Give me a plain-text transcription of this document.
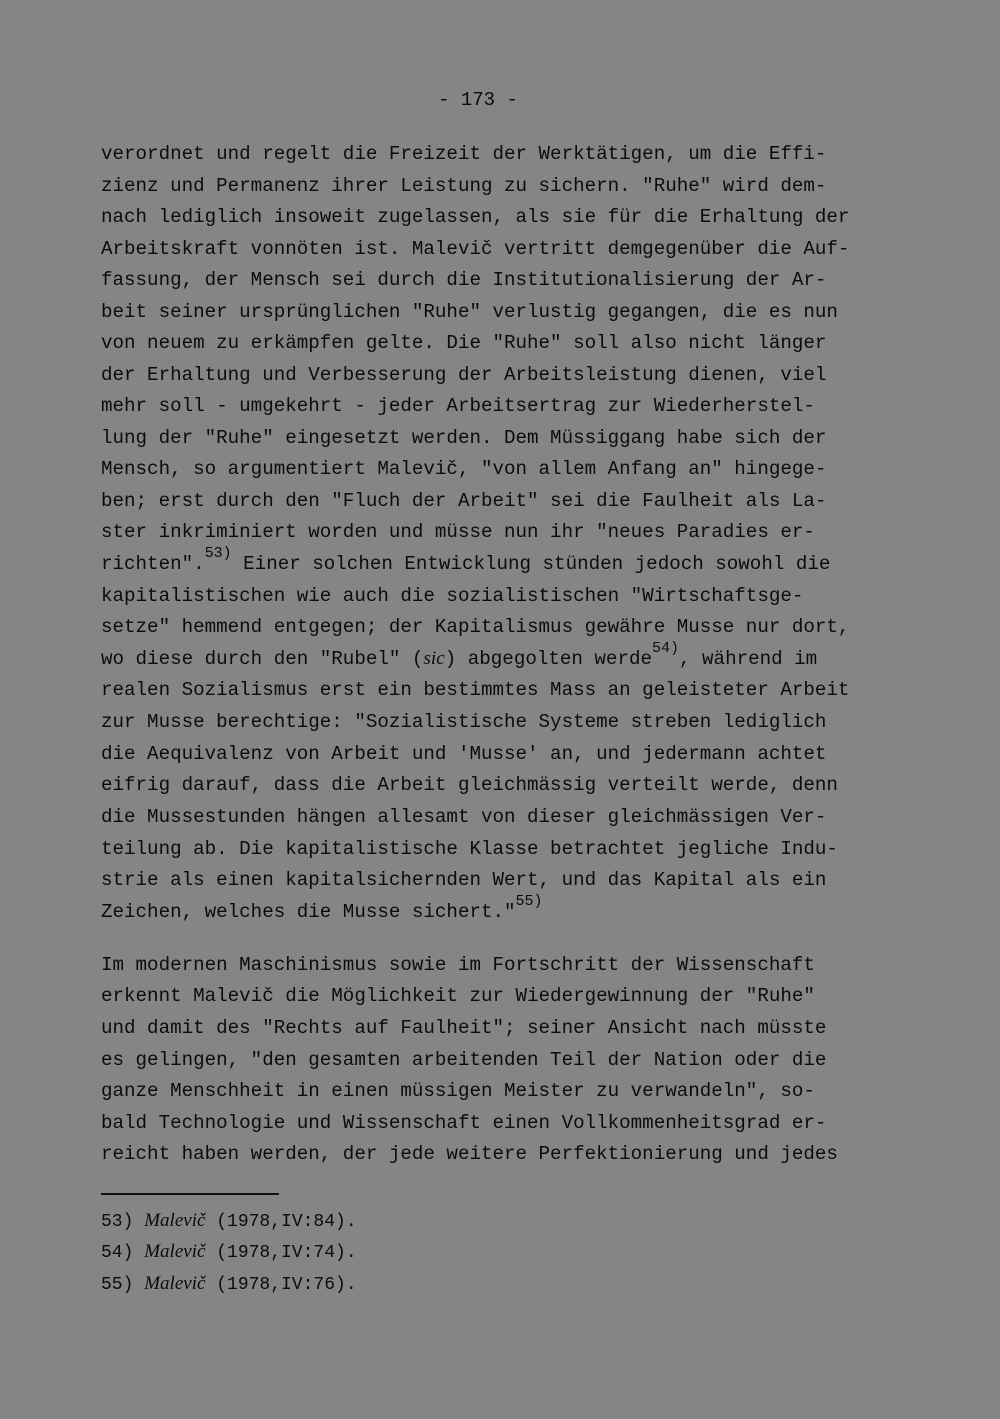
- 173 -
verordnet und regelt die Freizeit der Werktätigen, um die Effi-
zienz und Permanenz ihrer Leistung zu sichern. "Ruhe" wird dem-
nach lediglich insoweit zugelassen, als sie für die Erhaltung der
Arbeitskraft vonnöten ist. Malevič vertritt demgegenüber die Auf-
fassung, der Mensch sei durch die Institutionalisierung der Ar-
beit seiner ursprünglichen "Ruhe" verlustig gegangen, die es nun
von neuem zu erkämpfen gelte. Die "Ruhe" soll also nicht länger
der Erhaltung und Verbesserung der Arbeitsleistung dienen, viel
mehr soll - umgekehrt - jeder Arbeitsertrag zur Wiederherstel-
lung der "Ruhe" eingesetzt werden. Dem Müssiggang habe sich der
Mensch, so argumentiert Malevič, "von allem Anfang an" hingege-
ben; erst durch den "Fluch der Arbeit" sei die Faulheit als La-
ster inkriminiert worden und müsse nun ihr "neues Paradies er-
richten".$^{53)}$ Einer solchen Entwicklung stünden jedoch sowohl die
kapitalistischen wie auch die sozialistischen "Wirtschaftsge-
setze" hemmend entgegen; der Kapitalismus gewähre Musse nur dort,
wo diese durch den "Rubel" (sic) abgegolten werde$^{54)}$, während im
realen Sozialismus erst ein bestimmtes Mass an geleisteter Arbeit
zur Musse berechtige: "Sozialistische Systeme streben lediglich
die Aequivalenz von Arbeit und 'Musse' an, und jedermann achtet
eifrig darauf, dass die Arbeit gleichmässig verteilt werde, denn
die Mussestunden hängen allesamt von dieser gleichmässigen Ver-
teilung ab. Die kapitalistische Klasse betrachtet jegliche Indu-
strie als einen kapitalsichernden Wert, und das Kapital als ein
Zeichen, welches die Musse sichert."$^{55)}$
Im modernen Maschinismus sowie im Fortschritt der Wissenschaft
erkennt Malevič die Möglichkeit zur Wiedergewinnung der "Ruhe"
und damit des "Rechts auf Faulheit"; seiner Ansicht nach müsste
es gelingen, "den gesamten arbeitenden Teil der Nation oder die
ganze Menschheit in einen müssigen Meister zu verwandeln", so-
bald Technologie und Wissenschaft einen Vollkommenheitsgrad er-
reicht haben werden, der jede weitere Perfektionierung und jedes
53) Malevič (1978,IV:84).
54) Malevič (1978,IV:74).
55) Malevič (1978,IV:76).
